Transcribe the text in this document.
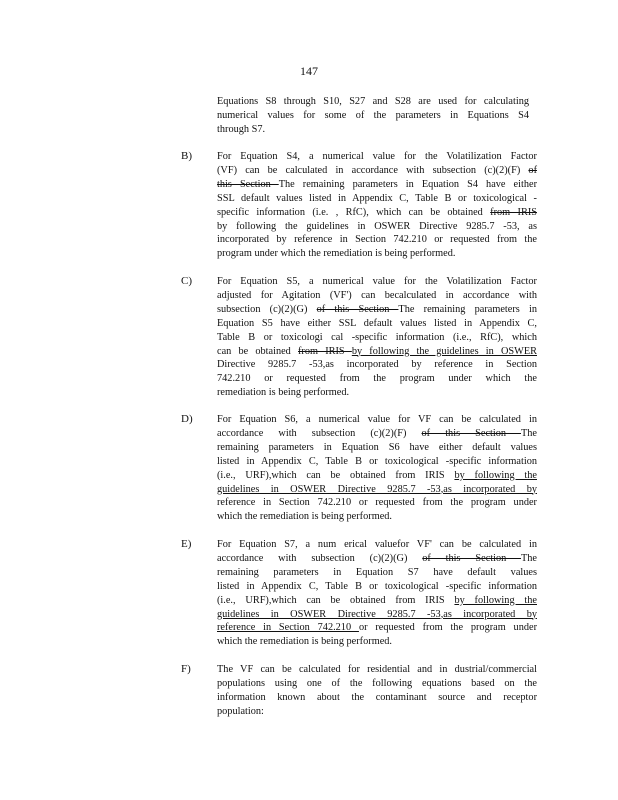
147
Equations S8 through S10, S27 and S28 are used for calculating
numerical values for some of the parameters in Equations S4
through S7.
B) For Equation S4, a numerical value for the Volatilization Factor
(VF) can be calculated in accordance with subsection (c)(2)(F) of
this Section The remaining parameters in Equation S4 have either
SSL default values listed in Appendix C, Table B or toxicological -
specific information (i.e. , RfC), which can be obtained from IRIS
by following the guidelines in OSWER Directive 9285.7 -53, as
incorporated by reference in Section 742.210 or requested from the
program under which the remediation is being performed.
C) For Equation S5, a numerical value for the Volatilization Factor
adjusted for Agitation (VF') can becalculated in accordance with
subsection (c)(2)(G) of this Section The remaining parameters in
Equation S5 have either SSL default values listed in Appendix C,
Table B or toxicologi cal -specific information (i.e., RfC), which
can be obtained from IRIS by following the guidelines in OSWER
Directive 9285.7 -53,as incorporated by reference in Section
742.210 or requested from the program under which the
remediation is being performed.
D) For Equation S6, a numerical value for VF can be calculated in
accordance with subsection (c)(2)(F) of this Section The
remaining parameters in Equation S6 have either default values
listed in Appendix C, Table B or toxicological -specific information
(i.e., URF),which can be obtained from IRIS by following the
guidelines in OSWER Directive 9285.7 -53,as incorporated by
reference in Section 742.210 or requested from the program under
which the remediation is being performed.
E) For Equation S7, a num erical valuefor VF' can be calculated in
accordance with subsection (c)(2)(G) of this Section The
remaining parameters in Equation S7 have default values
listed in Appendix C, Table B or toxicological -specific information
(i.e., URF),which can be obtained from IRIS by following the
guidelines in OSWER Directive 9285.7 -53,as incorporated by
reference in Section 742.210 or requested from the program under
which the remediation is being performed.
F)	The VF can be calculated for residential and in dustrial/commercial
populations using one of the following equations based on the
information known about the contaminant source and receptor
population:
